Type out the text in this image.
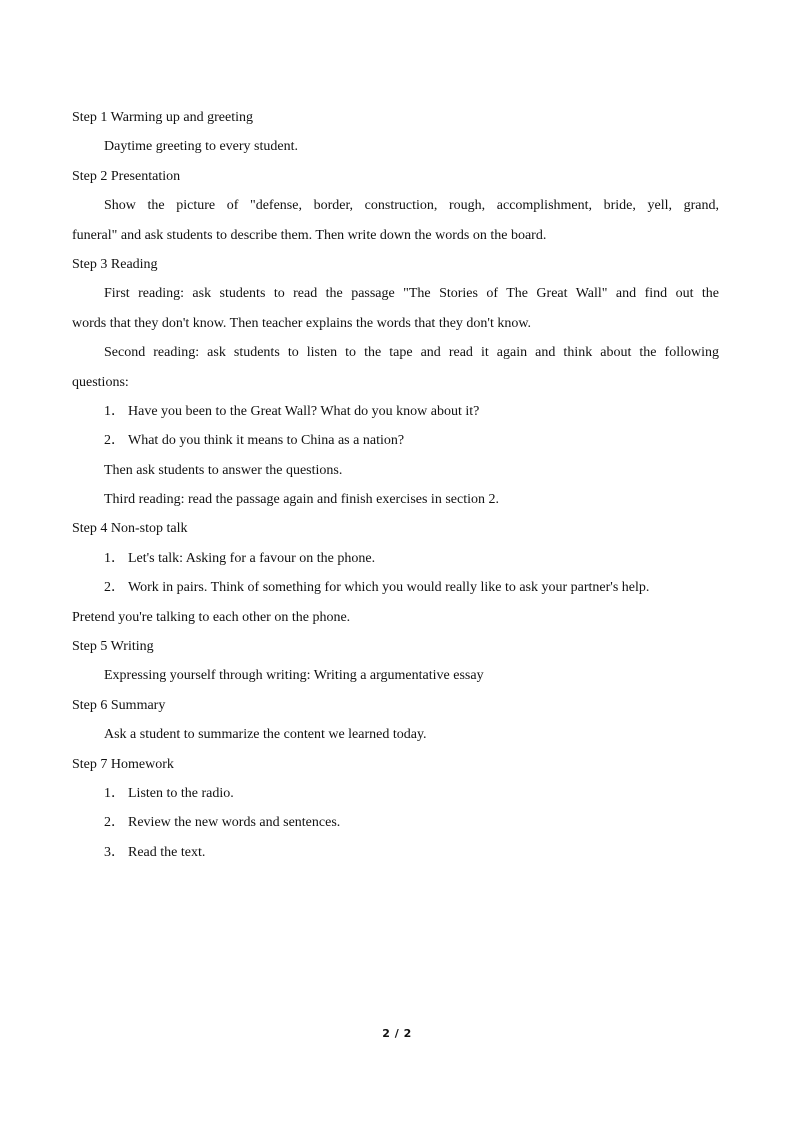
Step 1 Warming up and greeting
Daytime greeting to every student.
Step 2 Presentation
Show the picture of "defense, border, construction, rough, accomplishment, bride, yell, grand,
funeral" and ask students to describe them. Then write down the words on the board.
Step 3 Reading
First reading: ask students to read the passage "The Stories of The Great Wall" and find out the
words that they don't know. Then teacher explains the words that they don't know.
Second reading: ask students to listen to the tape and read it again and think about the following
questions:
1． Have you been to the Great Wall? What do you know about it?
2． What do you think it means to China as a nation?
Then ask students to answer the questions.
Third reading: read the passage again and finish exercises in section 2.
Step 4 Non-stop talk
1． Let's talk: Asking for a favour on the phone.
2． Work in pairs. Think of something for which you would really like to ask your partner's help.
Pretend you're talking to each other on the phone.
Step 5 Writing
Expressing yourself through writing: Writing a argumentative essay
Step 6 Summary
Ask a student to summarize the content we learned today.
Step 7 Homework
1． Listen to the radio.
2． Review the new words and sentences.
3． Read the text.
2 / 2
